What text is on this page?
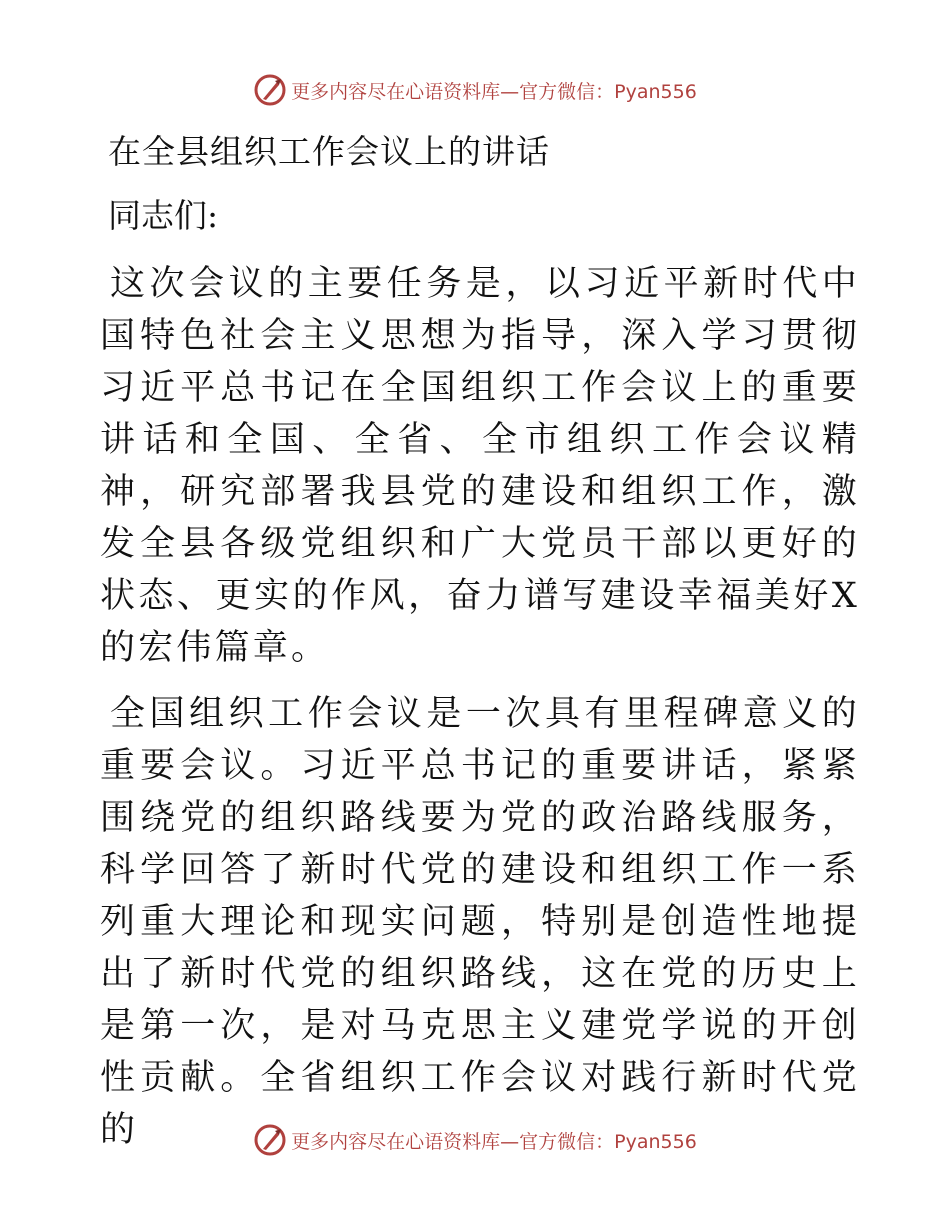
更多内容尽在心语资料库—官方微信：Pyan556
在全县组织工作会议上的讲话
同志们:

这次会议的主要任务是，以习近平新时代中国特色社会主义思想为指导，深入学习贯彻习近平总书记在全国组织工作会议上的重要讲话和全国、全省、全市组织工作会议精神，研究部署我县党的建设和组织工作，激发全县各级党组织和广大党员干部以更好的状态、更实的作风，奋力谱写建设幸福美好X的宏伟篇章。

全国组织工作会议是一次具有里程碑意义的重要会议。习近平总书记的重要讲话，紧紧围绕党的组织路线要为党的政治路线服务，科学回答了新时代党的建设和组织工作一系列重大理论和现实问题，特别是创造性地提出了新时代党的组织路线，这在党的历史上是第一次，是对马克思主义建党学说的开创性贡献。全省组织工作会议对践行新时代党的	更多内容尽在心语资料库—官方微信：Pyan556
